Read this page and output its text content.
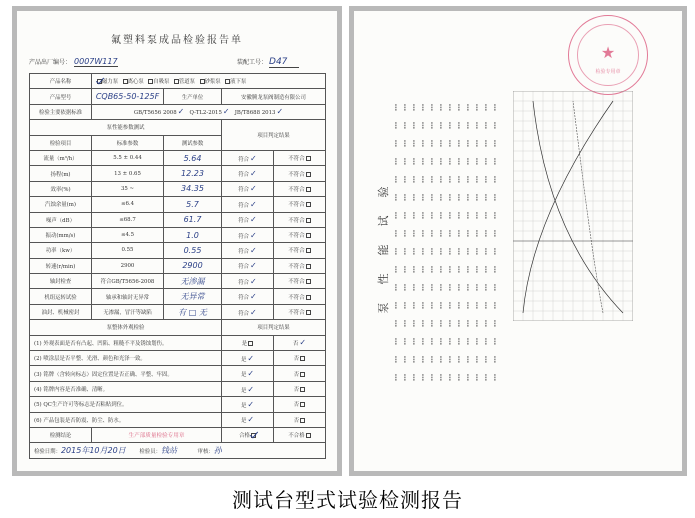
氟塑料泵成品检验报告单
产品出厂编号： 0007W117	装配工号： D47
产品名称	磁力泵 离心泵 自吸泵 管道泵 砂浆泵 液下泵			
产品型号	CQB65-50-125F	生产单位	安徽腾龙泵阀制造有限公司	
检验主要依据标准	GB/T5656 2008✓ Q-TL2-2015✓ JB/T8688 2013✓			
泵性能参数测试			项目判定结果	
检验项目	标准参数	测试参数		
流量（m³/h）	5.5 ± 0.44	5.64	符合✓	不符合
扬程(m)	13 ± 0.65	12.23	符合✓	不符合
效率(%)	35 ~	34.35	符合✓	不符合
汽蚀余量(m)	≤6.4	5.7	符合✓	不符合
噪声（dB）	≤68.7	61.7	符合✓	不符合
振动(mm/s)	≤4.5	1.0	符合✓	不符合
功率（kw）	0.55	0.55	符合✓	不符合
转速(r/min)	2900	2900	符合✓	不符合
轴封检查	符合GB/T5656-2008	无渗漏	符合✓	不符合
机组运转试验	轴承和轴封无异常	无异常	符合✓	不符合
油封、机械密封	无渗漏，冒汗等缺陷	有 □ 无	符合✓	不符合
泵整体外观检验			项目判定结果	
(1) 外观表面是否有凸起、凹陷、粗糙不平及锈蚀划伤。			是	否✓
(2) 喷涂层是否平整、光滑、颜色和光泽一致。			是✓	否
(3) 铭牌（含转向标志）固定位置是否正确、平整、牢固。			是✓	否
(4) 铭牌内容是否准确、清晰。			是✓	否
(5) QC生产许可等标志是否粘贴到位。			是✓	否
(6) 产品包装是否防震、防尘、防水。			是✓	否
检测结论	生产部质量检验专用章		合格	不合格
检验日期：2015年10月20日 检验员：钱站 审核：孙				
★
检验专用章
泵性能试验
▪▪▪ ▪▪▪ ▪▪▪ ▪▪▪ ▪▪▪ ▪▪▪ ▪▪▪ ▪▪▪ ▪▪▪ ▪▪▪ ▪▪▪ ▪▪▪
▪▪▪ ▪▪▪ ▪▪▪ ▪▪▪ ▪▪▪ ▪▪▪ ▪▪▪ ▪▪▪ ▪▪▪ ▪▪▪ ▪▪▪ ▪▪▪
▪▪▪ ▪▪▪ ▪▪▪ ▪▪▪ ▪▪▪ ▪▪▪ ▪▪▪ ▪▪▪ ▪▪▪ ▪▪▪ ▪▪▪ ▪▪▪
▪▪▪ ▪▪▪ ▪▪▪ ▪▪▪ ▪▪▪ ▪▪▪ ▪▪▪ ▪▪▪ ▪▪▪ ▪▪▪ ▪▪▪ ▪▪▪
▪▪▪ ▪▪▪ ▪▪▪ ▪▪▪ ▪▪▪ ▪▪▪ ▪▪▪ ▪▪▪ ▪▪▪ ▪▪▪ ▪▪▪ ▪▪▪
▪▪▪ ▪▪▪ ▪▪▪ ▪▪▪ ▪▪▪ ▪▪▪ ▪▪▪ ▪▪▪ ▪▪▪ ▪▪▪ ▪▪▪ ▪▪▪
▪▪▪ ▪▪▪ ▪▪▪ ▪▪▪ ▪▪▪ ▪▪▪ ▪▪▪ ▪▪▪ ▪▪▪ ▪▪▪ ▪▪▪ ▪▪▪
▪▪▪ ▪▪▪ ▪▪▪ ▪▪▪ ▪▪▪ ▪▪▪ ▪▪▪ ▪▪▪ ▪▪▪ ▪▪▪ ▪▪▪ ▪▪▪
▪▪▪ ▪▪▪ ▪▪▪ ▪▪▪ ▪▪▪ ▪▪▪ ▪▪▪ ▪▪▪ ▪▪▪ ▪▪▪ ▪▪▪ ▪▪▪
▪▪▪ ▪▪▪ ▪▪▪ ▪▪▪ ▪▪▪ ▪▪▪ ▪▪▪ ▪▪▪ ▪▪▪ ▪▪▪ ▪▪▪ ▪▪▪
▪▪▪ ▪▪▪ ▪▪▪ ▪▪▪ ▪▪▪ ▪▪▪ ▪▪▪ ▪▪▪ ▪▪▪ ▪▪▪ ▪▪▪ ▪▪▪
▪▪▪ ▪▪▪ ▪▪▪ ▪▪▪ ▪▪▪ ▪▪▪ ▪▪▪ ▪▪▪ ▪▪▪ ▪▪▪ ▪▪▪ ▪▪▪
▪▪▪ ▪▪▪ ▪▪▪ ▪▪▪ ▪▪▪ ▪▪▪ ▪▪▪ ▪▪▪ ▪▪▪ ▪▪▪ ▪▪▪ ▪▪▪
▪▪▪ ▪▪▪ ▪▪▪ ▪▪▪ ▪▪▪ ▪▪▪ ▪▪▪ ▪▪▪ ▪▪▪ ▪▪▪ ▪▪▪ ▪▪▪
▪▪▪ ▪▪▪ ▪▪▪ ▪▪▪ ▪▪▪ ▪▪▪ ▪▪▪ ▪▪▪ ▪▪▪ ▪▪▪ ▪▪▪ ▪▪▪
▪▪▪ ▪▪▪ ▪▪▪ ▪▪▪ ▪▪▪ ▪▪▪ ▪▪▪ ▪▪▪ ▪▪▪ ▪▪▪ ▪▪▪ ▪▪▪
测试台型式试验检测报告
